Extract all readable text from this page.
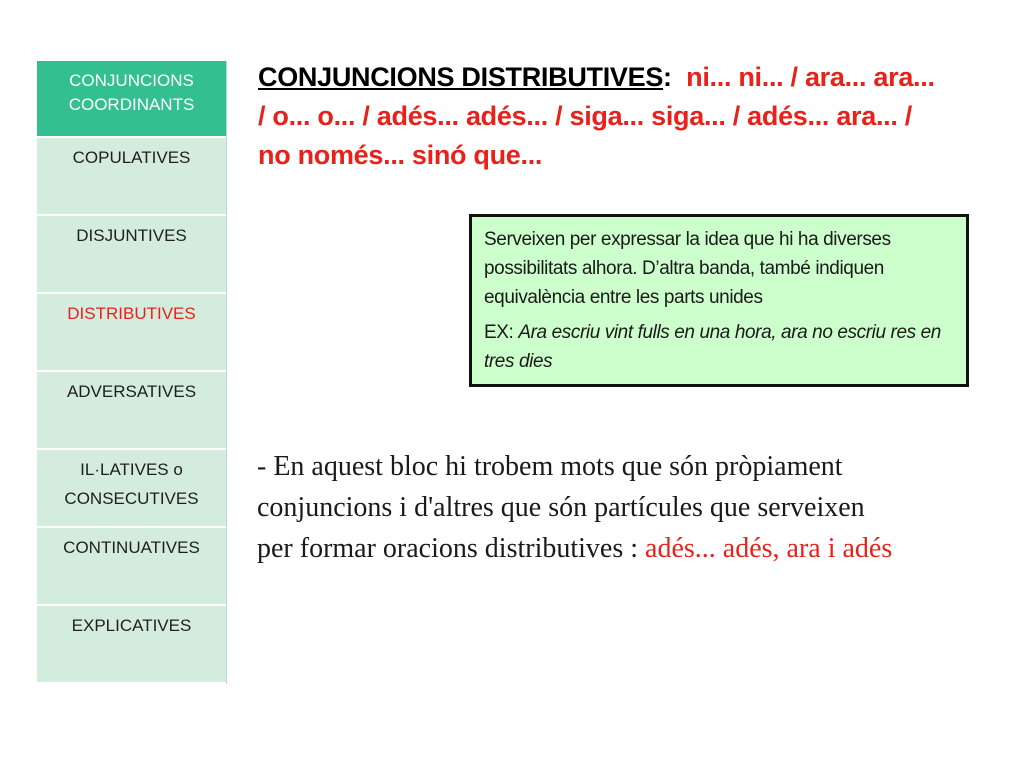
CONJUNCIONS COORDINANTS
COPULATIVES
DISJUNTIVES
DISTRIBUTIVES
ADVERSATIVES
IL·LATIVES o CONSECUTIVES
CONTINUATIVES
EXPLICATIVES
CONJUNCIONS DISTRIBUTIVES: ni... ni... / ara... ara... / o... o... / adés... adés... / siga... siga... / adés... ara... / no només... sinó que...

Serveixen per expressar la idea que hi ha diverses possibilitats alhora. D’altra banda, també indiquen equivalència entre les parts unides

EX: Ara escriu vint fulls en una hora, ara no escriu res en tres dies

- En aquest bloc hi trobem mots que són pròpiament conjuncions i d'altres que són partícules que serveixen per formar oracions distributives : adés... adés, ara i adés
